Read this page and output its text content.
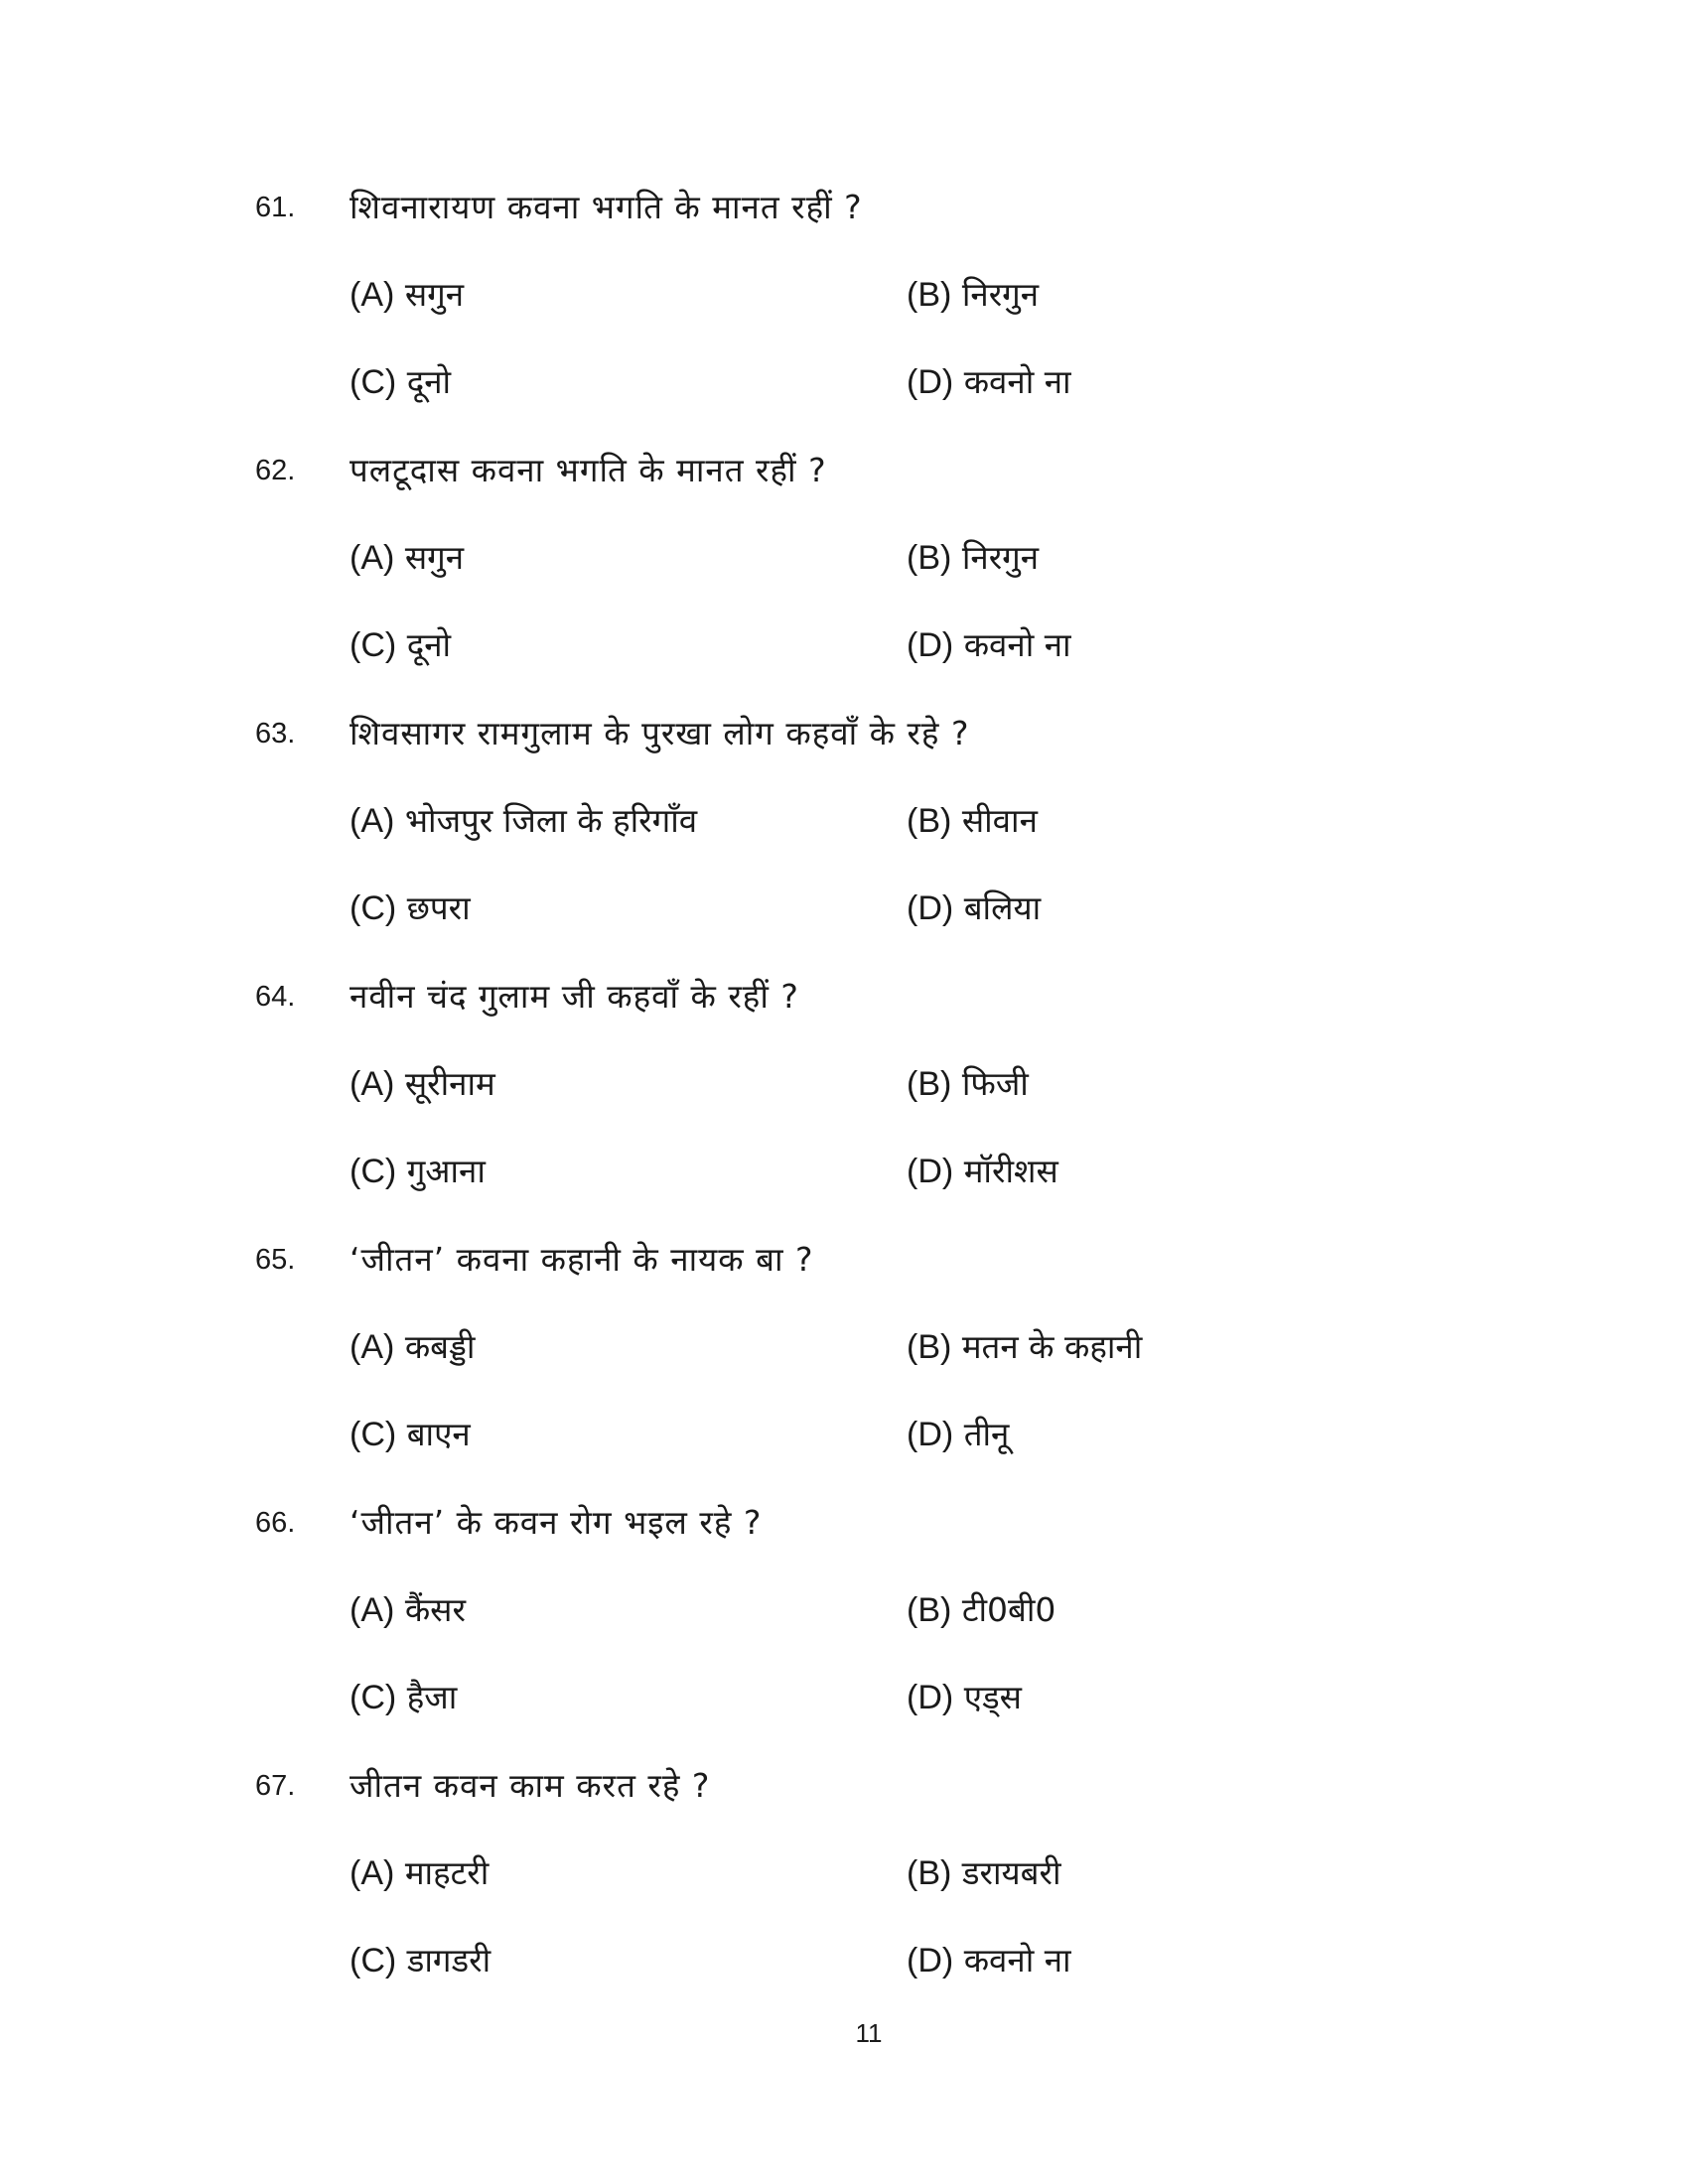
61. शिवनारायण कवना भगति के मानत रहीं ?
(A) सगुन	(B) निरगुन
(C) दूनो	(D) कवनो ना
62. पलटूदास कवना भगति के मानत रहीं ?
(A) सगुन	(B) निरगुन
(C) दूनो	(D) कवनो ना
63. शिवसागर रामगुलाम के पुरखा लोग कहवाँ के रहे ?
(A) भोजपुर जिला के हरिगाँव	(B) सीवान
(C) छपरा	(D) बलिया
64. नवीन चंद गुलाम जी कहवाँ के रहीं ?
(A) सूरीनाम	(B) फिजी
(C) गुआना	(D) मॉरीशस
65. ‘जीतन’ कवना कहानी के नायक बा ?
(A) कबड्डी	(B) मतन के कहानी
(C) बाएन	(D) तीनू
66. ‘जीतन’ के कवन रोग भइल रहे ?
(A) कैंसर	(B) टी0बी0
(C) हैजा	(D) एड्स
67. जीतन कवन काम करत रहे ?
(A) माहटरी	(B) डरायबरी
(C) डागडरी	(D) कवनो ना
11
